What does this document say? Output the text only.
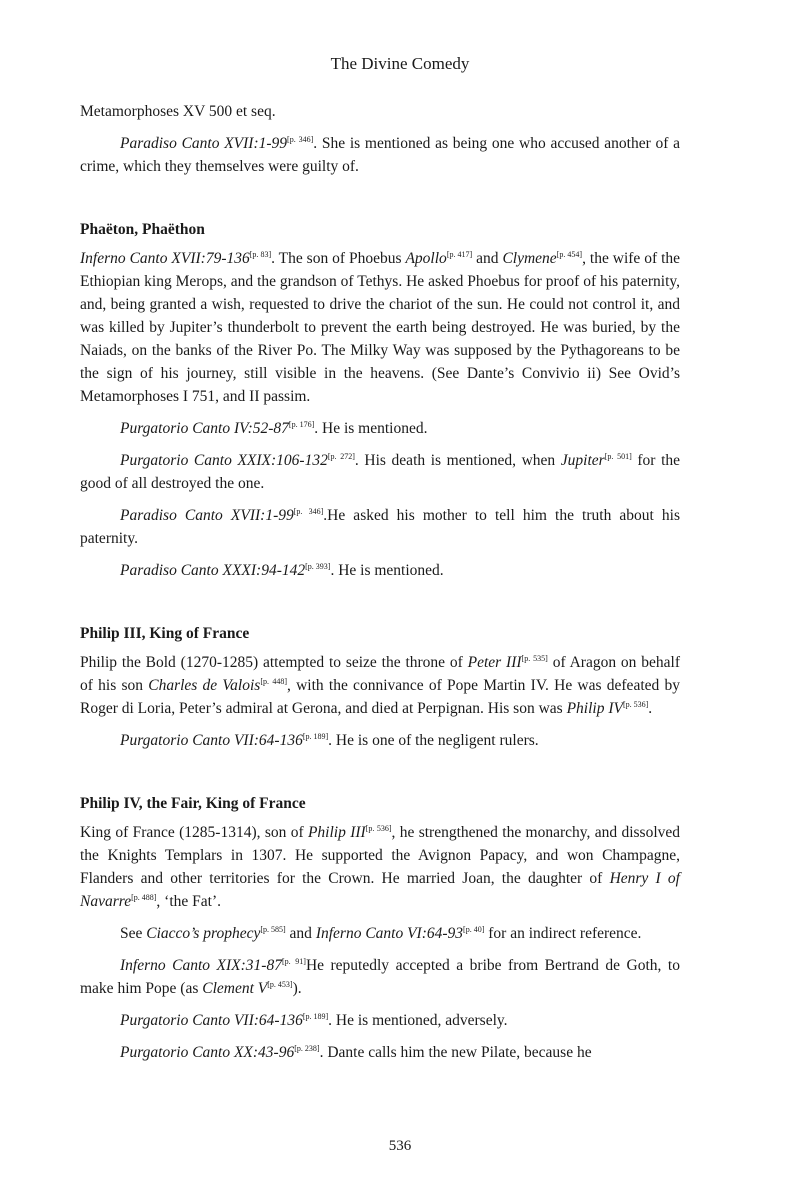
The Divine Comedy

Metamorphoses XV 500 et seq.

Paradiso Canto XVII:1-99[p. 346]. She is mentioned as being one who accused another of a crime, which they themselves were guilty of.

Phaëton, Phaëthon

Inferno Canto XVII:79-136[p. 83]. The son of Phoebus Apollo[p. 417] and Clymene[p. 454], the wife of the Ethiopian king Merops, and the grandson of Tethys. He asked Phoebus for proof of his paternity, and, being granted a wish, requested to drive the chariot of the sun. He could not control it, and was killed by Jupiter’s thunderbolt to prevent the earth being destroyed. He was buried, by the Naiads, on the banks of the River Po. The Milky Way was supposed by the Pythagoreans to be the sign of his journey, still visible in the heavens. (See Dante’s Convivio ii) See Ovid’s Metamorphoses I 751, and II passim.

Purgatorio Canto IV:52-87[p. 176]. He is mentioned.

Purgatorio Canto XXIX:106-132[p. 272]. His death is mentioned, when Jupiter[p. 501] for the good of all destroyed the one.

Paradiso Canto XVII:1-99[p. 346].He asked his mother to tell him the truth about his paternity.

Paradiso Canto XXXI:94-142[p. 393]. He is mentioned.

Philip III, King of France

Philip the Bold (1270-1285) attempted to seize the throne of Peter III[p. 535] of Aragon on behalf of his son Charles de Valois[p. 448], with the connivance of Pope Martin IV. He was defeated by Roger di Loria, Peter’s admiral at Gerona, and died at Perpignan. His son was Philip IV[p. 536].

Purgatorio Canto VII:64-136[p. 189]. He is one of the negligent rulers.

Philip IV, the Fair, King of France

King of France (1285-1314), son of Philip III[p. 536], he strengthened the monarchy, and dissolved the Knights Templars in 1307. He supported the Avignon Papacy, and won Champagne, Flanders and other territories for the Crown. He married Joan, the daughter of Henry I of Navarre[p. 488], ‘the Fat’.

See Ciacco’s prophecy[p. 585] and Inferno Canto VI:64-93[p. 40] for an indirect reference.

Inferno Canto XIX:31-87[p. 91]He reputedly accepted a bribe from Bertrand de Goth, to make him Pope (as Clement V[p. 453]).

Purgatorio Canto VII:64-136[p. 189]. He is mentioned, adversely.

Purgatorio Canto XX:43-96[p. 238]. Dante calls him the new Pilate, because he

536
